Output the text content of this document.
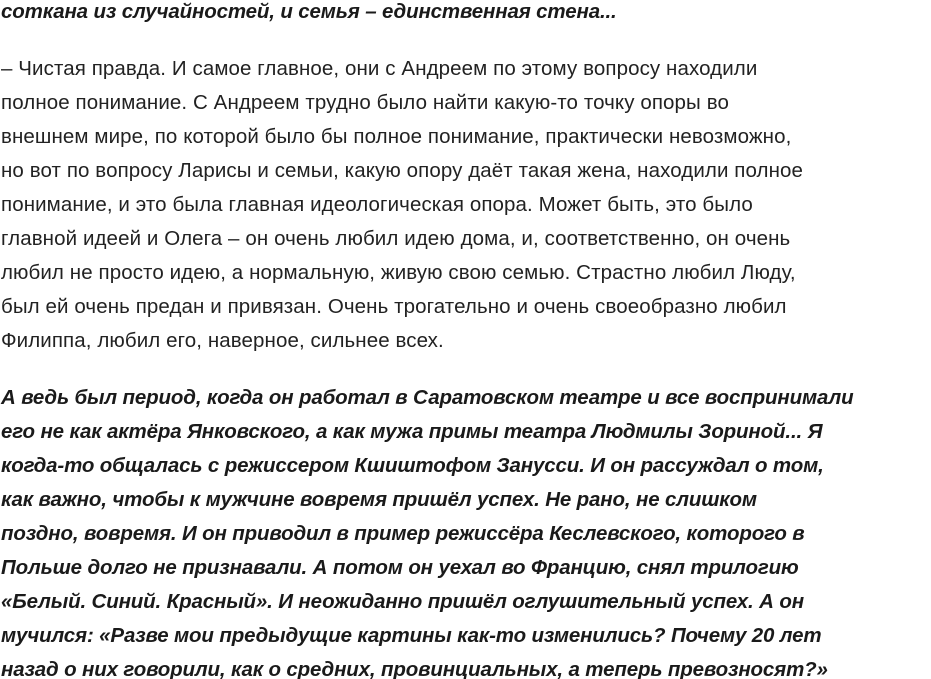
соткана из случайностей, и семья – единственная стена...
– Чистая правда. И самое главное, они с Андреем по этому вопросу находили
полное понимание. С Андреем трудно было найти какую-то точку опоры во
внешнем мире, по которой было бы полное понимание, практически невозможно,
но вот по вопросу Ларисы и семьи, какую опору даёт такая жена, находили полное
понимание, и это была главная идеологическая опора. Может быть, это было
главной идеей и Олега – он очень любил идею дома, и, соответственно, он очень
любил не просто идею, а нормальную, живую свою семью. Страстно любил Люду,
был ей очень предан и привязан. Очень трогательно и очень своеобразно любил
Филиппа, любил его, наверное, сильнее всех.
А ведь был период, когда он работал в Саратовском театре и все воспринимали
его не как актёра Янковского, а как мужа примы театра Людмилы Зориной... Я
когда-то общалась с режиссером Кшиштофом Занусси. И он рассуждал о том,
как важно, чтобы к мужчине вовремя пришёл успех. Не рано, не слишком
поздно, вовремя. И он приводил в пример режиссёра Кеслевского, которого в
Польше долго не признавали. А потом он уехал во Францию, снял трилогию
«Белый. Синий. Красный». И неожиданно пришёл оглушительный успех. А он
мучился: «Разве мои предыдущие картины как-то изменились? Почему 20 лет
назад о них говорили, как о средних, провинциальных, а теперь превозносят?»
